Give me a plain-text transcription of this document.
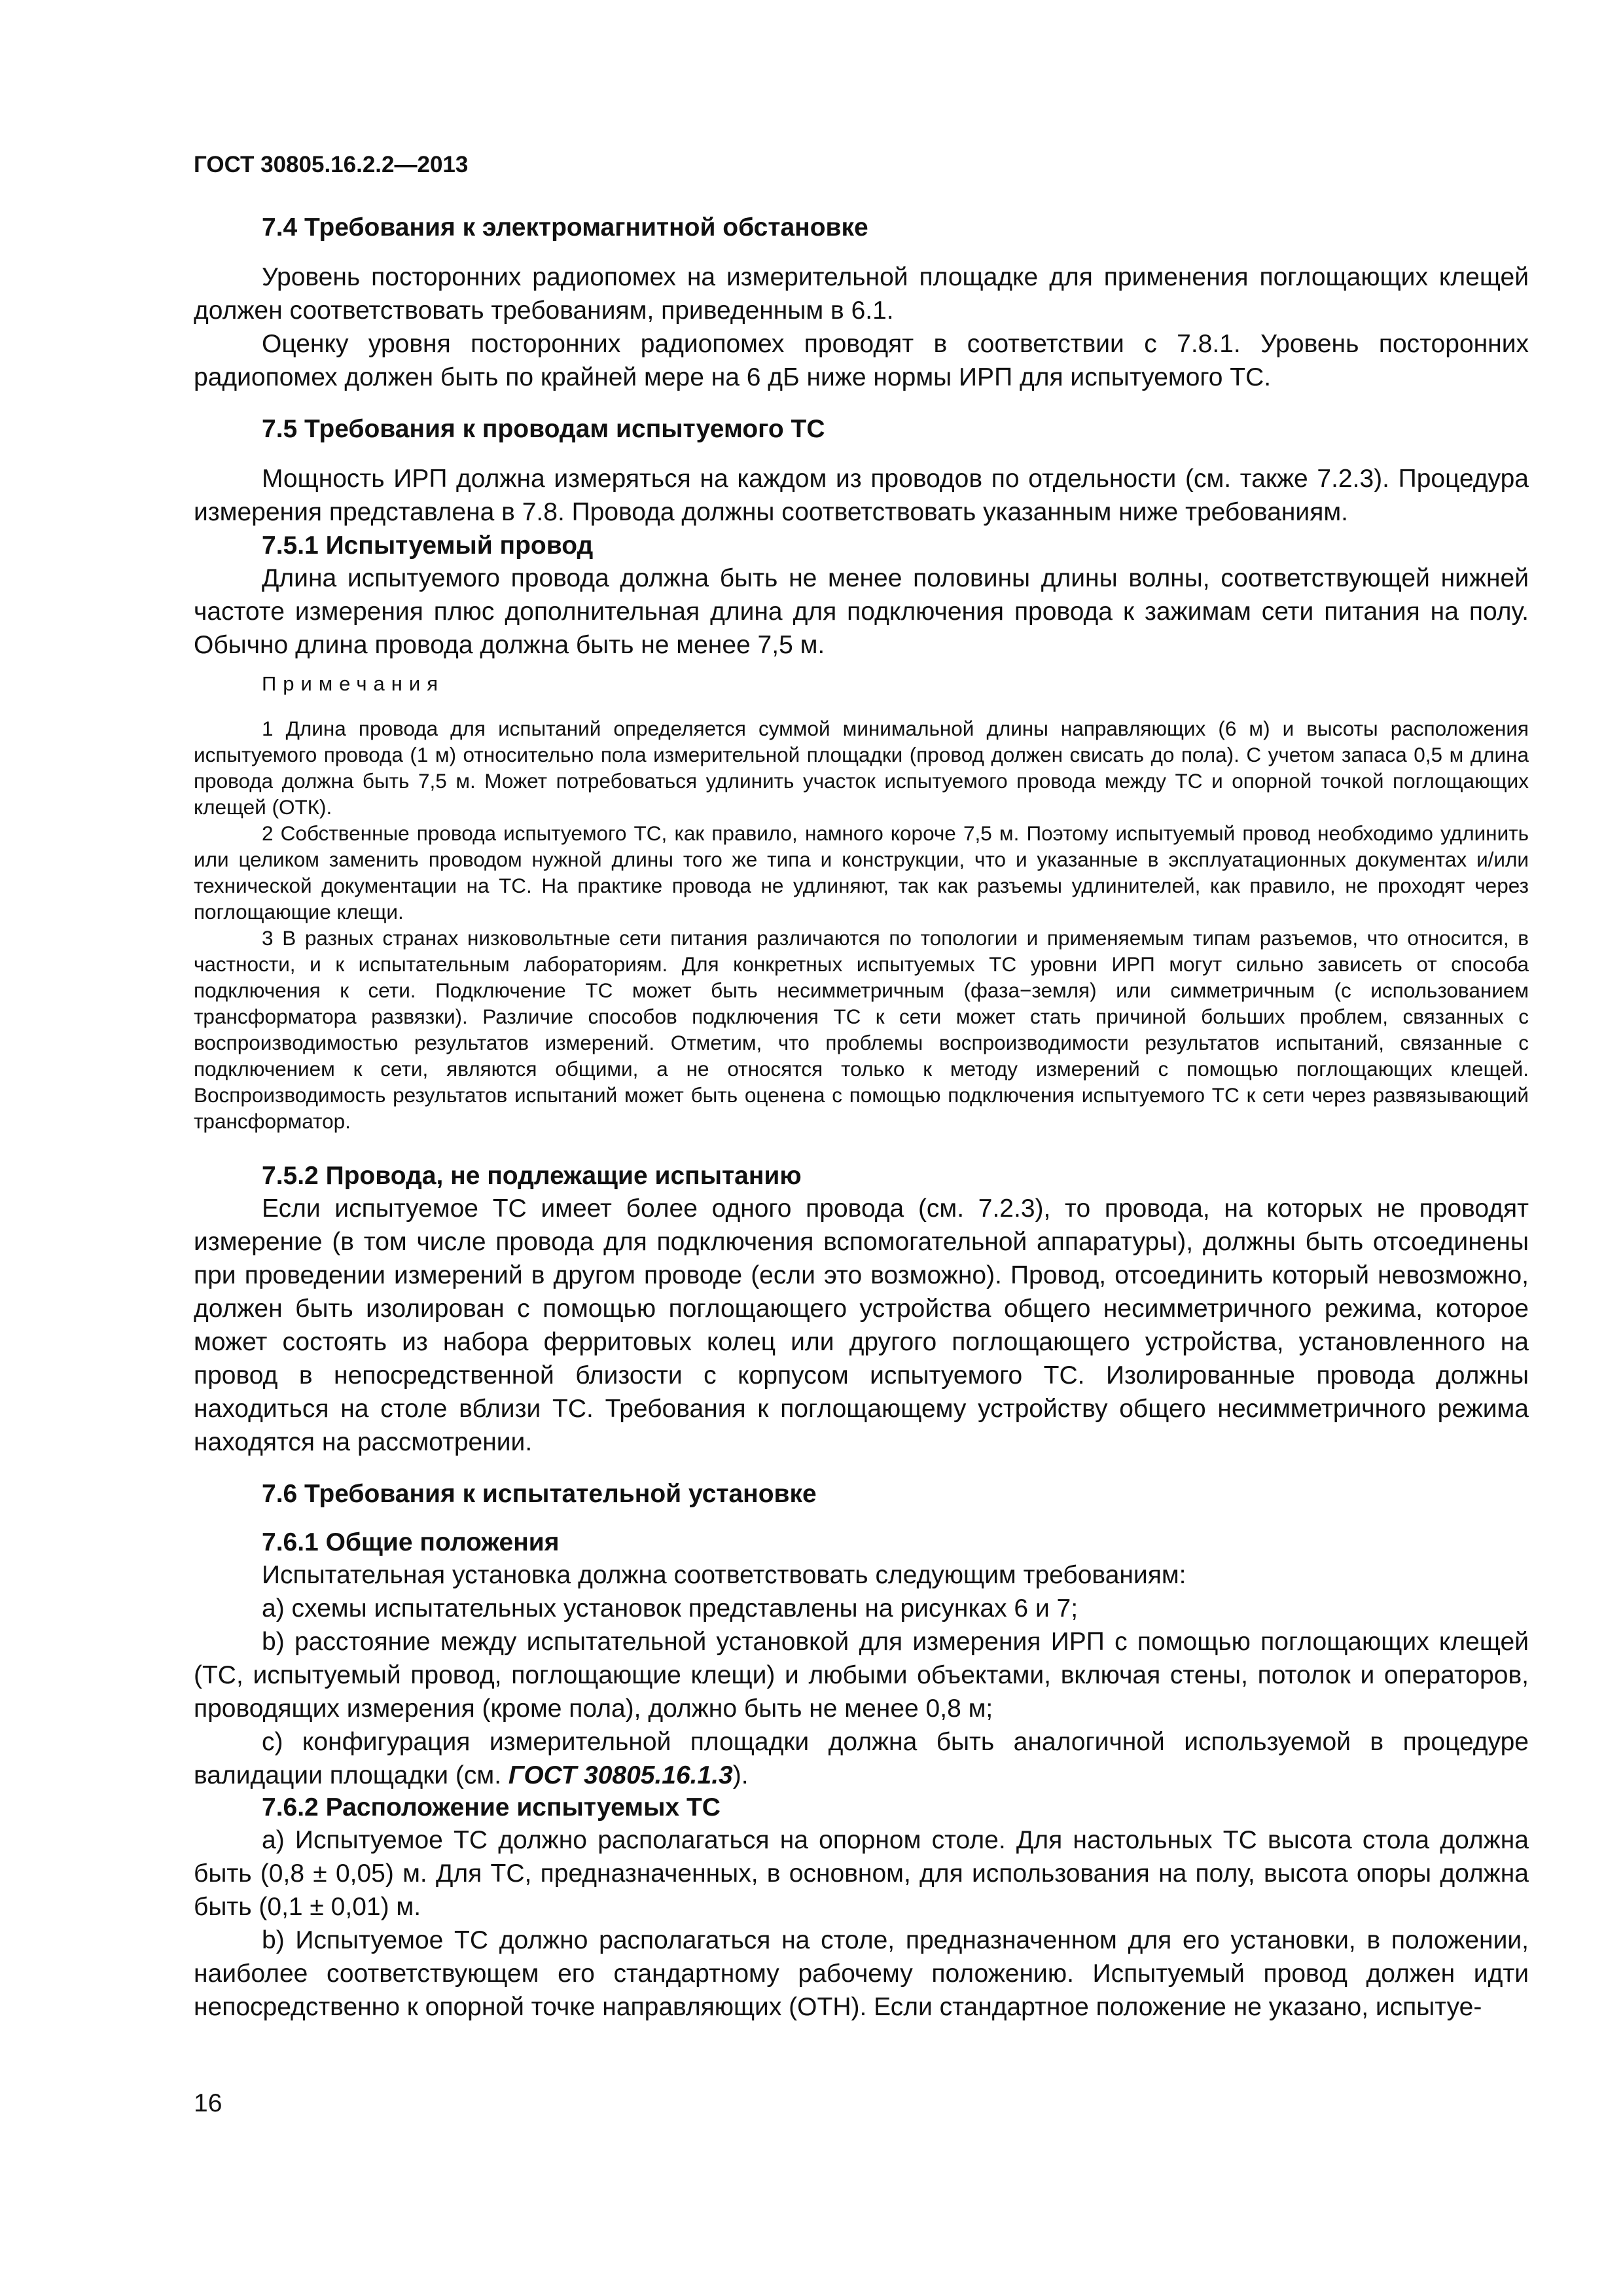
ГОСТ 30805.16.2.2—2013
7.4 Требования к электромагнитной обстановке

Уровень посторонних радиопомех на измерительной площадке для применения поглощающих клещей должен соответствовать требованиям, приведенным в 6.1.

Оценку уровня посторонних радиопомех проводят в соответствии с 7.8.1. Уровень посторонних радиопомех должен быть по крайней мере на 6 дБ ниже нормы ИРП для испытуемого ТС.

7.5 Требования к проводам испытуемого ТС

Мощность ИРП должна измеряться на каждом из проводов по отдельности (см. также 7.2.3). Процедура измерения представлена в 7.8. Провода должны соответствовать указанным ниже требованиям.

7.5.1 Испытуемый провод

Длина испытуемого провода должна быть не менее половины длины волны, соответствующей нижней частоте измерения плюс дополнительная длина для подключения провода к зажимам сети питания на полу. Обычно длина провода должна быть не менее 7,5 м.

Примечания

1 Длина провода для испытаний определяется суммой минимальной длины направляющих (6 м) и высоты расположения испытуемого провода (1 м) относительно пола измерительной площадки (провод должен свисать до пола). С учетом запаса 0,5 м длина провода должна быть 7,5 м. Может потребоваться удлинить участок испытуемого провода между ТС и опорной точкой поглощающих клещей (ОТК).

2 Собственные провода испытуемого ТС, как правило, намного короче 7,5 м. Поэтому испытуемый провод необходимо удлинить или целиком заменить проводом нужной длины того же типа и конструкции, что и указанные в эксплуатационных документах и/или технической документации на ТС. На практике провода не удлиняют, так как разъемы удлинителей, как правило, не проходят через поглощающие клещи.

3 В разных странах низковольтные сети питания различаются по топологии и применяемым типам разъемов, что относится, в частности, и к испытательным лабораториям. Для конкретных испытуемых ТС уровни ИРП могут сильно зависеть от способа подключения к сети. Подключение ТС может быть несимметричным (фаза−земля) или симметричным (с использованием трансформатора развязки). Различие способов подключения ТС к сети может стать причиной больших проблем, связанных с воспроизводимостью результатов измерений. Отметим, что проблемы воспроизводимости результатов испытаний, связанные с подключением к сети, являются общими, а не относятся только к методу измерений с помощью поглощающих клещей. Воспроизводимость результатов испытаний может быть оценена с помощью подключения испытуемого ТС к сети через развязывающий трансформатор.

7.5.2 Провода, не подлежащие испытанию

Если испытуемое ТС имеет более одного провода (см. 7.2.3), то провода, на которых не проводят измерение (в том числе провода для подключения вспомогательной аппаратуры), должны быть отсоединены при проведении измерений в другом проводе (если это возможно). Провод, отсоединить который невозможно, должен быть изолирован с помощью поглощающего устройства общего несимметричного режима, которое может состоять из набора ферритовых колец или другого поглощающего устройства, установленного на провод в непосредственной близости с корпусом испытуемого ТС. Изолированные провода должны находиться на столе вблизи ТС. Требования к поглощающему устройству общего несимметричного режима находятся на рассмотрении.

7.6 Требования к испытательной установке
7.6.1 Общие положения

Испытательная установка должна соответствовать следующим требованиям:

a) схемы испытательных установок представлены на рисунках 6 и 7;

b) расстояние между испытательной установкой для измерения ИРП с помощью поглощающих клещей (ТС, испытуемый провод, поглощающие клещи) и любыми объектами, включая стены, потолок и операторов, проводящих измерения (кроме пола), должно быть не менее 0,8 м;

c) конфигурация измерительной площадки должна быть аналогичной используемой в процедуре валидации площадки (см. ГОСТ 30805.16.1.3).

7.6.2 Расположение испытуемых ТС

a) Испытуемое ТС должно располагаться на опорном столе. Для настольных ТС высота стола должна быть (0,8 ± 0,05) м. Для ТС, предназначенных, в основном, для использования на полу, высота опоры должна быть (0,1 ± 0,01) м.

b) Испытуемое ТС должно располагаться на столе, предназначенном для его установки, в положении, наиболее соответствующем его стандартному рабочему положению. Испытуемый провод должен идти непосредственно к опорной точке направляющих (ОТН). Если стандартное положение не указано, испытуе-

16
